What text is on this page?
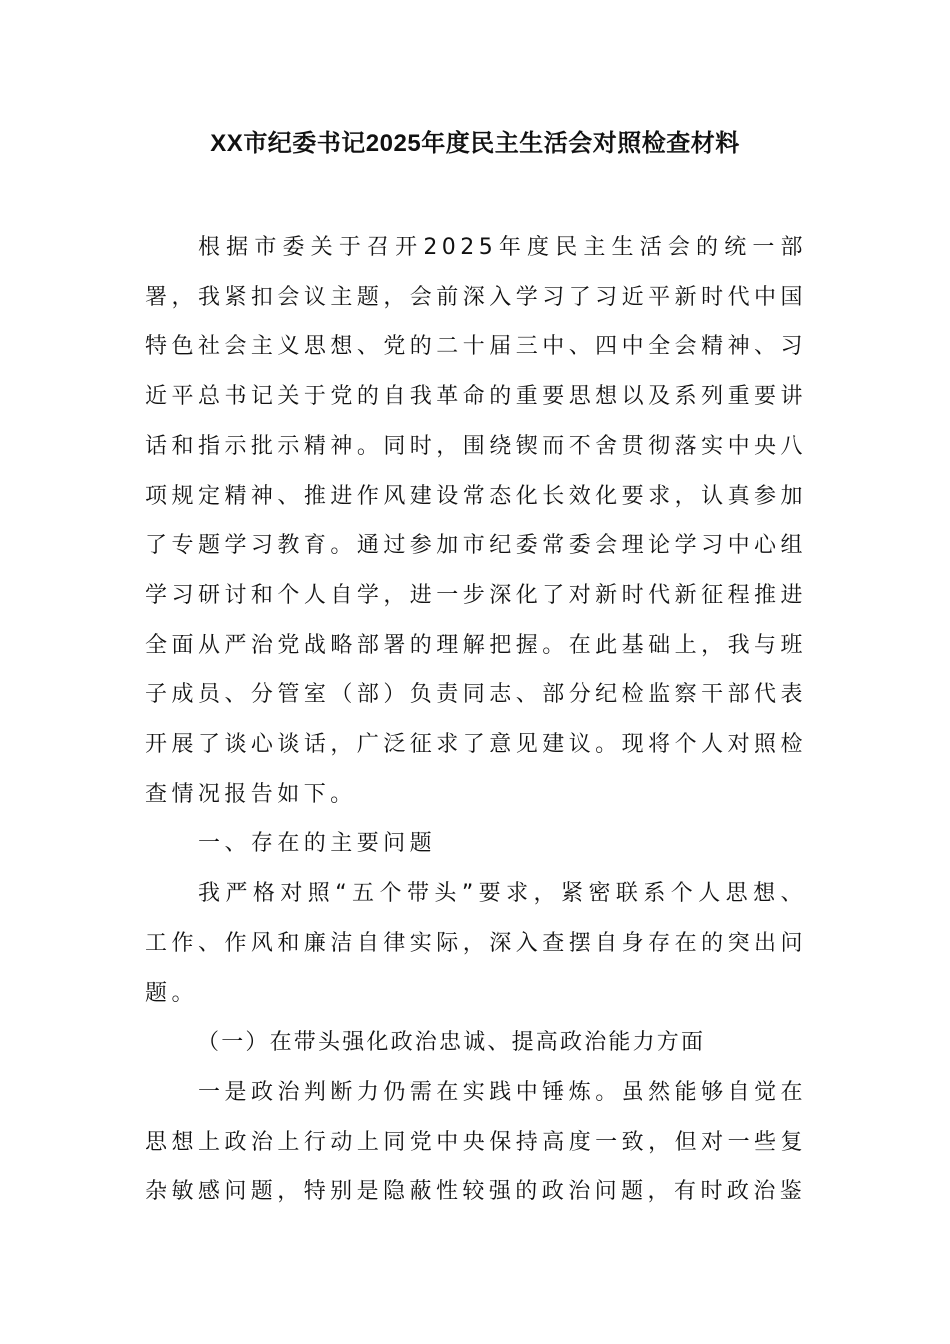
XX市纪委书记2025年度民主生活会对照检查材料

根据市委关于召开2025年度民主生活会的统一部署，我紧扣会议主题，会前深入学习了习近平新时代中国特色社会主义思想、党的二十届三中、四中全会精神、习近平总书记关于党的自我革命的重要思想以及系列重要讲话和指示批示精神。同时，围绕锲而不舍贯彻落实中央八项规定精神、推进作风建设常态化长效化要求，认真参加了专题学习教育。通过参加市纪委常委会理论学习中心组学习研讨和个人自学，进一步深化了对新时代新征程推进全面从严治党战略部署的理解把握。在此基础上，我与班子成员、分管室（部）负责同志、部分纪检监察干部代表开展了谈心谈话，广泛征求了意见建议。现将个人对照检查情况报告如下。

一、存在的主要问题

我严格对照“五个带头”要求，紧密联系个人思想、工作、作风和廉洁自律实际，深入查摆自身存在的突出问题。

（一）在带头强化政治忠诚、提高政治能力方面

一是政治判断力仍需在实践中锤炼。虽然能够自觉在思想上政治上行动上同党中央保持高度一致，但对一些复杂敏感问题，特别是隐蔽性较强的政治问题，有时政治鉴
